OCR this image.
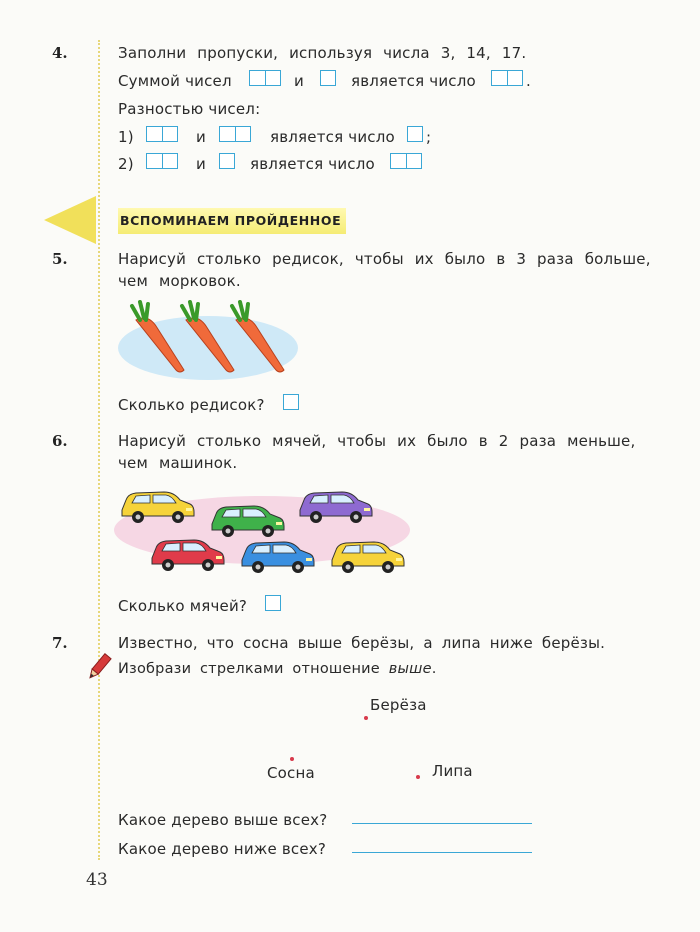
4.	Заполни пропуски, используя числа 3, 14, 17.
Суммой чисел	и	является число	.
Разностью чисел:
1)	и	является число ;
2)	и	является число
ВСПОМИНАЕМ ПРОЙДЕННОЕ
5.	Нарисуй столько редисок, чтобы их было в 3 раза больше,
чем морковок.
Сколько редисок?
6.	Нарисуй столько мячей, чтобы их было в 2 раза меньше,
чем машинок.
Сколько мячей?
7.	Известно, что сосна выше берёзы, а липа ниже берёзы.
Изобрази стрелками отношение выше.
Берёза
Сосна	Липа
Какое дерево выше всех?
Какое дерево ниже всех?
43
